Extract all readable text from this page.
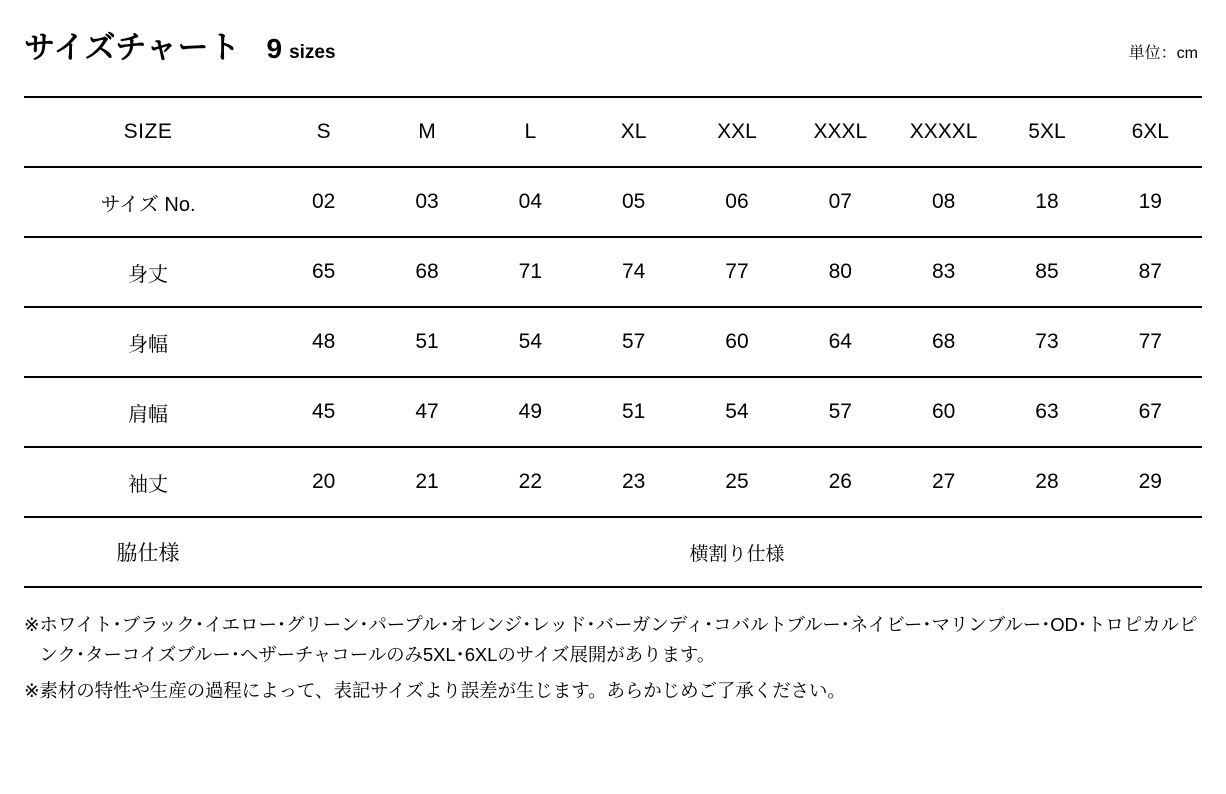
サイズチャート 9 sizes	単位：cm
SIZE	S	M	L	XL	XXL	XXXL	XXXXL	5XL	6XL
サイズ No.	02	03	04	05	06	07	08	18	19
身丈	65	68	71	74	77	80	83	85	87
身幅	48	51	54	57	60	64	68	73	77
肩幅	45	47	49	51	54	57	60	63	67
袖丈	20	21	22	23	25	26	27	28	29
脇仕様	横割り仕様								
※ ホワイト･ブラック･イエロー･グリーン･パープル･オレンジ･レッド･バーガンディ･コバルトブルー･ネイビー･マリンブルー･OD･トロピカルピンク･ターコイズブルー･ヘザーチャコールのみ5XL･6XLのサイズ展開があります。
※ 素材の特性や生産の過程によって、表記サイズより誤差が生じます。あらかじめご了承ください。
